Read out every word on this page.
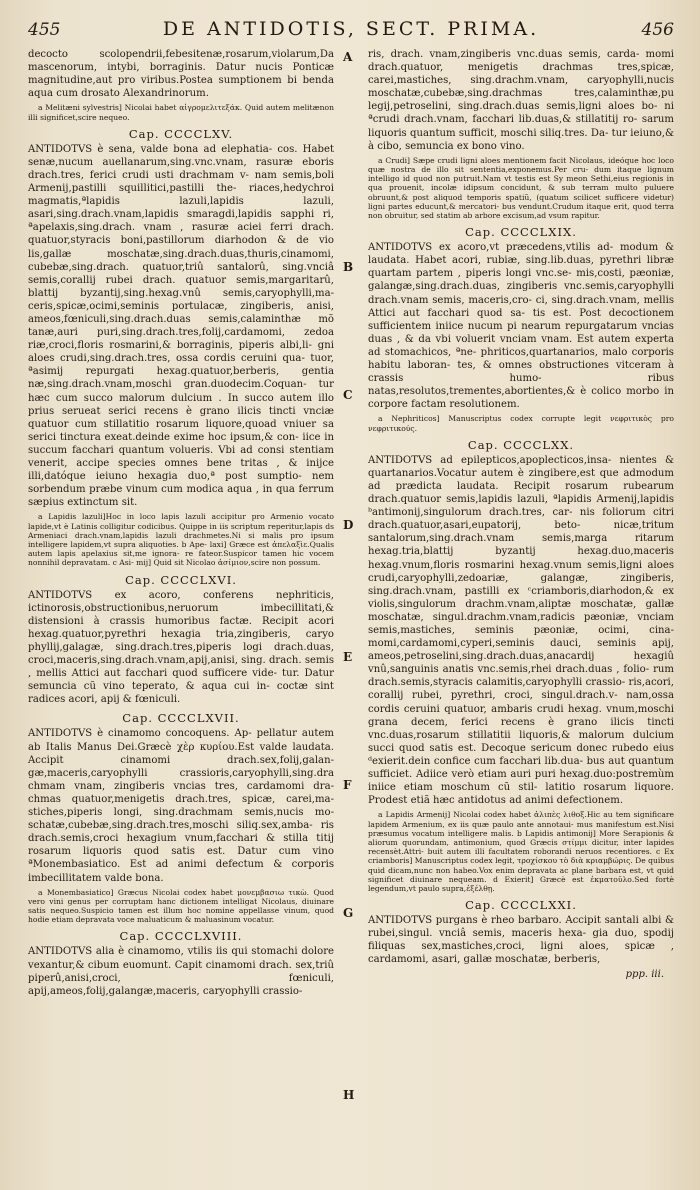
455	DE ANTIDOTIS, SECT. PRIMA.	456

decocto scolopendrii,febesitenæ,rosarum,violarum,Da mascenorum, intybi, borraginis. Datur nucis Ponticæ magnitudine,aut pro viribus.Postea sumptionem bi benda aqua cum drosato Alexandrinorum.

a Melitæni sylvestris] Nicolai habet αἰγρομελιτεξάκ. Quid autem melitænon illi significet,scire nequeo.

Cap. CCCCLXV.

ANTIDOTVS è sena, valde bona ad elephatia- cos. Habet senæ,nucum auellanarum,sing.vnc.vnam, rasuræ eboris drach.tres, ferici crudi usti drachmam v- nam semis,boli Armenij,pastilli squillitici,pastilli the- riaces,hedychroi magmatis,ªlapidis lazuli,lapidis lazuli, asari,sing.drach.vnam,lapidis smaragdi,lapidis sapphi ri, ªapelaxis,sing.drach. vnam , rasuræ aciei ferri drach. quatuor,styracis boni,pastillorum diarhodon & de vio lis,gallæ moschatæ,sing.drach.duas,thuris,cinamomi, cubebæ,sing.drach. quatuor,triû santalorû, sing.vnciâ semis,corallij rubei drach. quatuor semis,margaritarû, blattij byzantij,sing.hexag.vnû semis,caryophylli,ma- ceris,spicæ,ocimi,seminis portulacæ, zingiberis, anisi, ameos,fœniculi,sing.drach.duas semis,calaminthæ mõ tanæ,auri puri,sing.drach.tres,folij,cardamomi, zedoa riæ,croci,floris rosmarini,& borraginis, piperis albi,li- gni aloes crudi,sing.drach.tres, ossa cordis ceruini qua- tuor, ªasimij repurgati hexag.quatuor,berberis, gentia næ,sing.drach.vnam,moschi gran.duodecim.Coquan- tur hæc cum succo malorum dulcium . In succo autem illo prius serueat serici recens è grano ilicis tincti vnciæ quatuor cum stillatitio rosarum liquore,quoad vniuer sa serici tinctura exeat.deinde exime hoc ipsum,& con- iice in succum facchari quantum volueris. Vbi ad consi stentiam venerit, accipe species omnes bene tritas , & inijce illi,datóque ieiuno hexagia duo,ª post sumptio- nem sorbendum præbe vinum cum modica aqua , in qua ferrum sæpius extinctum sit.

a Lapidis lazuli]Hoc in loco lapis lazuli accipitur pro Armenio vocato lapide,vt è Latinis colligitur codicibus. Quippe in iis scriptum reperitur,lapis ds Armeniaci drach.vnam,lapidis lazuli drachmetes.Ni si malis pro ipsum intelligere lapidem,vt supra aliquoties. b Ape- laxi] Græce est ἀπελαξὶε.Qualis autem lapis apelaxius sit,me ignora- re fateor.Suspicor tamen hic vocem nonnihil depravatam. c Asi- mij] Quid sit Nicolao ἀσίμιον,scire non possum.

Cap. CCCCLXVI.

ANTIDOTVS ex acoro, conferens nephriticis, ictinorosis,obstructionibus,neruorum imbecillitati,& distensioni à crassis humoribus factæ. Recipit acori hexag.quatuor,pyrethri hexagia tria,zingiberis, caryo phyllij,galagæ, sing.drach.tres,piperis logi drach.duas, croci,maceris,sing.drach.vnam,apij,anisi, sing. drach. semis , mellis Attici aut facchari quod sufficere vide- tur. Datur semuncia cũ vino teperato, & aqua cui in- coctæ sint radices acori, apij & fœniculi.

Cap. CCCCLXVII.

ANTIDOTVS è cinamomo concoquens. Ap- pellatur autem ab Italis Manus Dei.Græcè χὲρ κυρίου.Est valde laudata. Accipit cinamomi drach.sex,folij,galan- gæ,maceris,caryophylli crassioris,caryophylli,sing.dra chmam vnam, zingiberis vncias tres, cardamomi dra- chmas quatuor,menigetis drach.tres, spicæ, carei,ma- stiches,piperis longi, sing.drachmam semis,nucis mo- schatæ,cubebæ,sing.drach.tres,moschi siliq.sex,amba- ris drach.semis,croci hexagium vnum,facchari & stilla titij rosarum liquoris quod satis est. Datur cum vino ªMonembasiatico. Est ad animi defectum & corporis imbecillitatem valde bona.

a Monembasiatico] Græcus Nicolai codex habet μονεμβασιω τικὼ. Quod vero vini genus per corruptam hanc dictionem intelligat Nicolaus, diuinare satis nequeo.Suspicio tamen est illum hoc nomine appellasse vinum, quod hodie etiam depravata voce maluaticum & maluasinum vocatur.

Cap. CCCCLXVIII.

ANTIDOTVS alia è cinamomo, vtilis iis qui stomachi dolore vexantur,& cibum euomunt. Capit cinamomi drach. sex,triû piperû,anisi,croci, fœniculi, apij,ameos,folij,galangæ,maceris, caryophylli crassio-

A
B
C
D
E
F
G
H

ris, drach. vnam,zingiberis vnc.duas semis, carda- momi drach.quatuor, menigetis drachmas tres,spicæ, carei,mastiches, sing.drachm.vnam, caryophylli,nucis moschatæ,cubebæ,sing.drachmas tres,calaminthæ,pu legij,petroselini, sing.drach.duas semis,ligni aloes bo- ni ªcrudi drach.vnam, facchari lib.duas,& stillatitij ro- sarum liquoris quantum sufficit, moschi siliq.tres. Da- tur ieiuno,& à cibo, semuncia ex bono vino.

a Crudi] Sæpe crudi ligni aloes mentionem facit Nicolaus, ideóque hoc loco quæ nostra de illo sit sententia,exponemus.Per cru- dum itaque lignum intelligo id quod non putruit.Nam vt testis est Sy meon Sethi,eius regionis in qua prouenit, incolæ idipsum concidunt, & sub terram multo puluere obruunt,& post aliquod temporis spatiũ, (quatum scilicet sufficere videtur) ligni partes educunt,& mercatori- bus vendunt.Crudum itaque erit, quod terra non obruitur, sed statim ab arbore excisum,ad vsum rapitur.

Cap. CCCCLXIX.

ANTIDOTVS ex acoro,vt præcedens,vtilis ad- modum & laudata. Habet acori, rubiæ, sing.lib.duas, pyrethri libræ quartam partem , piperis longi vnc.se- mis,costi, pæoniæ, galangæ,sing.drach.duas, zingiberis vnc.semis,caryophylli drach.vnam semis, maceris,cro- ci, sing.drach.vnam, mellis Attici aut facchari quod sa- tis est. Post decoctionem sufficientem iniice nucum pi nearum repurgatarum vncias duas , & da vbi voluerit vnciam vnam. Est autem experta ad stomachicos, ªne- phriticos,quartanarios, malo corporis habitu laboran- tes, & omnes obstructiones vitceram à crassis humo- ribus natas,resolutos,trementes,abortientes,& è colico morbo in corpore factam resolutionem.

a Nephriticos] Manuscriptus codex corrupte legit νεφριτικὸς pro νεφριτικούς.

Cap. CCCCLXX.

ANTIDOTVS ad epilepticos,apoplecticos,insa- nientes & quartanarios.Vocatur autem è zingibere,est que admodum ad prædicta laudata. Recipit rosarum rubearum drach.quatuor semis,lapidis lazuli, ªlapidis Armenij,lapidis ᵇantimonij,singulorum drach.tres, car- nis foliorum citri drach.quatuor,asari,eupatorij, beto- nicæ,tritum santalorum,sing.drach.vnam semis,marga ritarum hexag.tria,blattij byzantij hexag.duo,maceris hexag.vnum,floris rosmarini hexag.vnum semis,ligni aloes crudi,caryophylli,zedoariæ, galangæ, zingiberis, sing.drach.vnam, pastilli ex ᶜcriamboris,diarhodon,& ex violis,singulorum drachm.vnam,aliptæ moschatæ, gallæ moschatæ, singul.drachm.vnam,radicis pæoniæ, vnciam semis,mastiches, seminis pæoniæ, ocimi, cina- momi,cardamomi,cyperi,seminis dauci, seminis apij, ameos,petroselini,sing.drach.duas,anacardij hexagiû vnû,sanguinis anatis vnc.semis,rhei drach.duas , folio- rum drach.semis,styracis calamitis,caryophylli crassio- ris,acori, corallij rubei, pyrethri, croci, singul.drach.v- nam,ossa cordis ceruini quatuor, ambaris crudi hexag. vnum,moschi grana decem, ferici recens è grano ilicis tincti vnc.duas,rosarum stillatitii liquoris,& malorum dulcium succi quod satis est. Decoque sericum donec rubedo eius ᵈexierit.dein confice cum facchari lib.dua- bus aut quantum sufficiet. Adiice verò etiam auri puri hexag.duo:postremùm iniice etiam moschum cũ stil- latitio rosarum liquore. Prodest etiã hæc antidotus ad animi defectionem.

a Lapidis Armenij] Nicolai codex habet ἀλιπὲς λιθοξ.Hic au tem significare lapidem Armenium, ex iis quæ paulo ante annotaui- mus manifestum est.Nisi præsumus vocatum intelligere malis. b Lapidis antimonij] More Serapionis & aliorum quorundam, antimonium, quod Græcis στίμμι dicitur, inter lapides recensèt.Attri- buit autem illi facultatem roborandi neruos recentiores. c Ex criamboris] Manuscriptus codex legit, τροχίσκου τὸ διὰ κριαμβώρις. De quibus quid dicam,nunc non habeo.Vox enim depravata ac plane barbara est, vt quid significet diuinare nequeam. d Exierit] Græcè est ἐκματοῦλο.Sed fortè legendum,vt paulo supra,ἐξέλθῃ.

Cap. CCCCLXXI.

ANTIDOTVS purgans è rheo barbaro. Accipit santali albi & rubei,singul. vnciâ semis, maceris hexa- gia duo, spodij filiquas sex,mastiches,croci, ligni aloes, spicæ , cardamomi, asari, gallæ moschatæ, berberis,

ppp. iii.
